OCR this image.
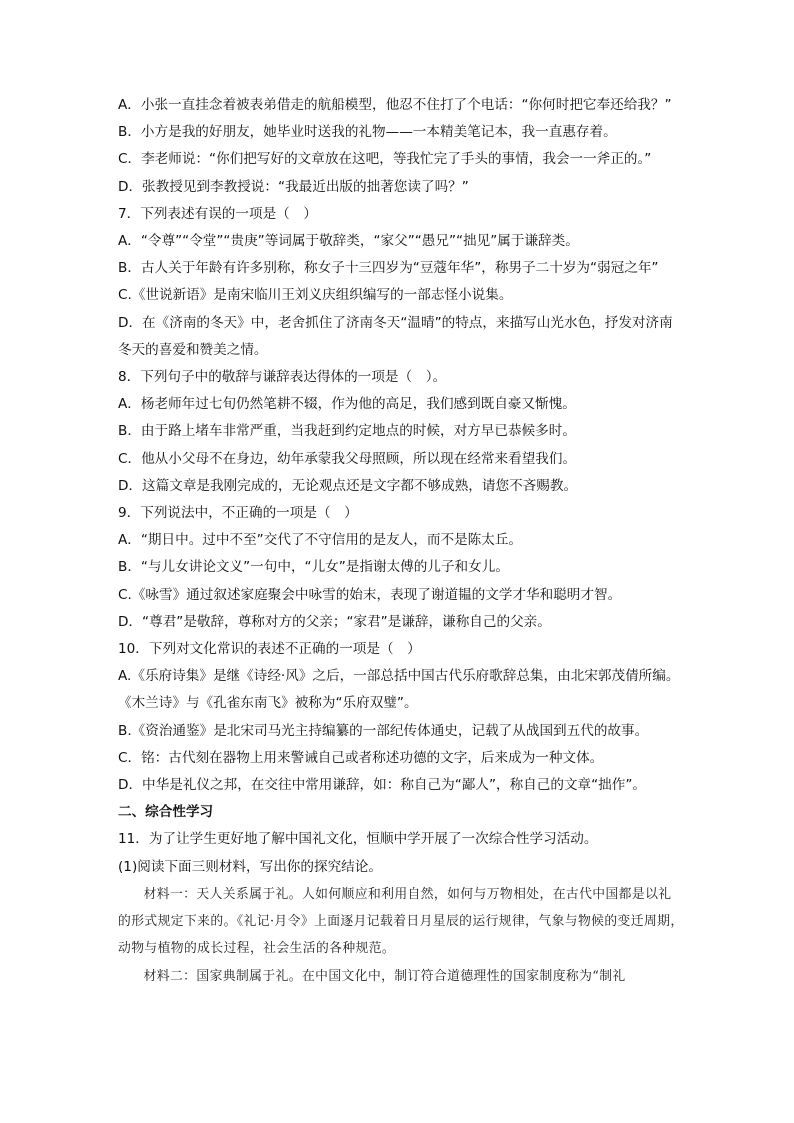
A．小张一直挂念着被表弟借走的航船模型，他忍不住打了个电话：“你何时把它奉还给我？”
B．小方是我的好朋友，她毕业时送我的礼物——一本精美笔记本，我一直惠存着。
C．李老师说：“你们把写好的文章放在这吧，等我忙完了手头的事情，我会一一斧正的。”
D．张教授见到李教授说：“我最近出版的拙著您读了吗？”
7．下列表述有误的一项是（　）
A．“令尊”“令堂”“贵庚”等词属于敬辞类，“家父”“愚兄”“拙见”属于谦辞类。
B．古人关于年龄有许多别称，称女子十三四岁为“豆蔻年华”，称男子二十岁为“弱冠之年”
C.《世说新语》是南宋临川王刘义庆组织编写的一部志怪小说集。
D．在《济南的冬天》中，老舍抓住了济南冬天“温晴”的特点，来描写山光水色，抒发对济南冬天的喜爱和赞美之情。
8．下列句子中的敬辞与谦辞表达得体的一项是（　）。
A．杨老师年过七旬仍然笔耕不辍，作为他的高足，我们感到既自豪又惭愧。
B．由于路上堵车非常严重，当我赶到约定地点的时候，对方早已恭候多时。
C．他从小父母不在身边，幼年承蒙我父母照顾，所以现在经常来看望我们。
D．这篇文章是我刚完成的，无论观点还是文字都不够成熟，请您不吝赐教。
9．下列说法中，不正确的一项是（　）
A．“期日中。过中不至”交代了不守信用的是友人，而不是陈太丘。
B．“与儿女讲论文义”一句中，“儿女”是指谢太傅的儿子和女儿。
C.《咏雪》通过叙述家庭聚会中咏雪的始末，表现了谢道韫的文学才华和聪明才智。
D．“尊君”是敬辞，尊称对方的父亲；“家君”是谦辞，谦称自己的父亲。
10．下列对文化常识的表述不正确的一项是（　）
A.《乐府诗集》是继《诗经·风》之后，一部总括中国古代乐府歌辞总集，由北宋郭茂倩所编。《木兰诗》与《孔雀东南飞》被称为“乐府双璧”。
B.《资治通鉴》是北宋司马光主持编纂的一部纪传体通史，记载了从战国到五代的故事。
C．铭：古代刻在器物上用来警诫自己或者称述功德的文字，后来成为一种文体。
D．中华是礼仪之邦，在交往中常用谦辞，如：称自己为“鄙人”，称自己的文章“拙作”。
二、综合性学习
11．为了让学生更好地了解中国礼文化，恒顺中学开展了一次综合性学习活动。
(1)阅读下面三则材料，写出你的探究结论。

材料一：天人关系属于礼。人如何顺应和利用自然，如何与万物相处，在古代中国都是以礼的形式规定下来的。《礼记·月令》上面逐月记载着日月星辰的运行规律，气象与物候的变迁周期，动物与植物的成长过程，社会生活的各种规范。

材料二：国家典制属于礼。在中国文化中，制订符合道德理性的国家制度称为“制礼
